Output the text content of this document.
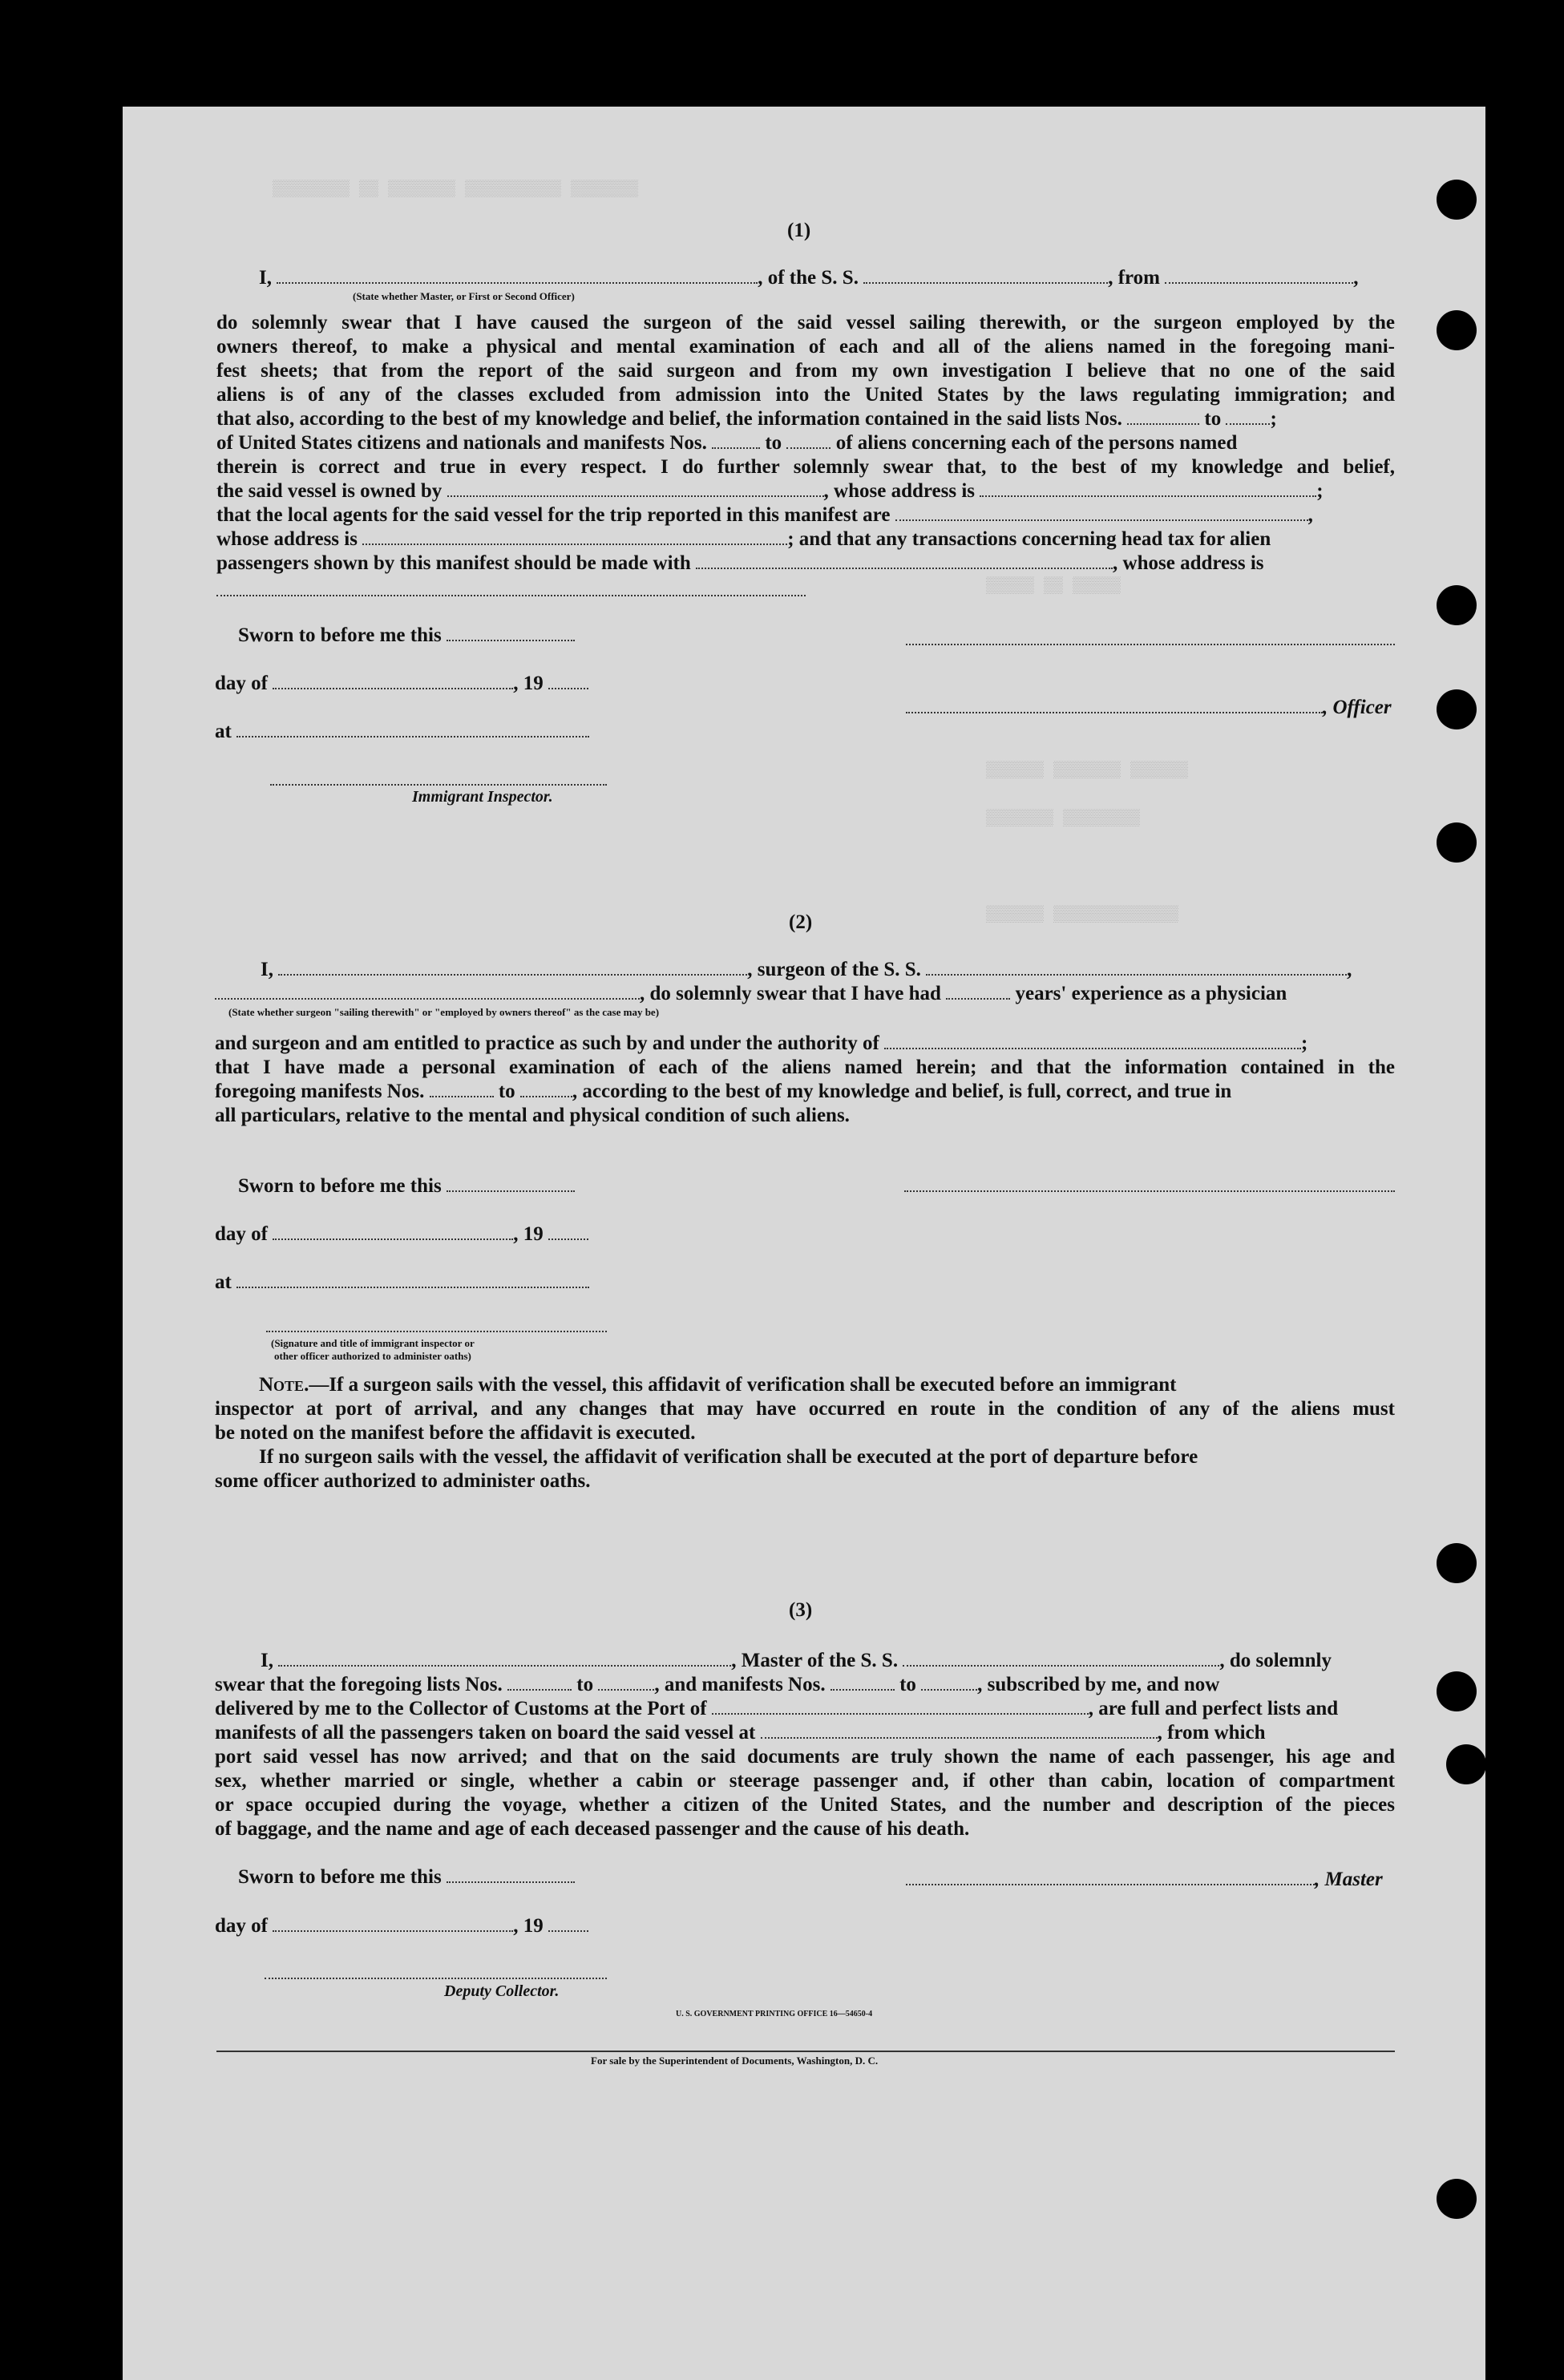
▒▒▒▒▒▒▒▒ ▒▒ ▒▒▒▒▒▒▒ ▒▒▒▒▒▒▒▒▒▒ ▒▒▒▒▒▒▒
▒▒▒▒▒ ▒▒ ▒▒▒▒▒
▒▒▒▒▒▒ ▒▒▒▒▒▒▒ ▒▒▒▒▒▒
▒▒▒▒▒▒▒ ▒▒▒▒▒▒▒▒
▒▒▒▒▒▒ ▒▒▒▒▒▒▒▒▒▒▒▒▒
(1)
I,	, of the S. S.	, from	,
(State whether Master, or First or Second Officer)
do solemnly swear that I have caused the surgeon of the said vessel sailing therewith, or the surgeon employed by the
owners thereof, to make a physical and mental examination of each and all of the aliens named in the foregoing mani-
fest sheets; that from the report of the said surgeon and from my own investigation I believe that no one of the said
aliens is of any of the classes excluded from admission into the United States by the laws regulating immigration; and
that also, according to the best of my knowledge and belief, the information contained in the said lists Nos.	to ;
of United States citizens and nationals and manifests Nos.	to	of aliens concerning each of the persons named
therein is correct and true in every respect. I do further solemnly swear that, to the best of my knowledge and belief,
the said vessel is owned by	, whose address is	;
that the local agents for the said vessel for the trip reported in this manifest are	,
whose address is	; and that any transactions concerning head tax for alien
passengers shown by this manifest should be made with	, whose address is
Sworn to before me this
day of	, 19
, Officer
at
Immigrant Inspector.
(2)
I,	, surgeon of the S. S.	,
, do solemnly swear that I have had	years' experience as a physician
(State whether surgeon "sailing therewith" or "employed by owners thereof" as the case may be)
and surgeon and am entitled to practice as such by and under the authority of	;
that I have made a personal examination of each of the aliens named herein; and that the information contained in the
foregoing manifests Nos.	to	, according to the best of my knowledge and belief, is full, correct, and true in
all particulars, relative to the mental and physical condition of such aliens.
Sworn to before me this
day of	, 19
at
(Signature and title of immigrant inspector or
other officer authorized to administer oaths)
Note.—If a surgeon sails with the vessel, this affidavit of verification shall be executed before an immigrant
inspector at port of arrival, and any changes that may have occurred en route in the condition of any of the aliens must
be noted on the manifest before the affidavit is executed.
If no surgeon sails with the vessel, the affidavit of verification shall be executed at the port of departure before
some officer authorized to administer oaths.
(3)
I,	, Master of the S. S.	, do solemnly
swear that the foregoing lists Nos.	to	, and manifests Nos.	to	, subscribed by me, and now
delivered by me to the Collector of Customs at the Port of	, are full and perfect lists and
manifests of all the passengers taken on board the said vessel at	, from which
port said vessel has now arrived; and that on the said documents are truly shown the name of each passenger, his age and
sex, whether married or single, whether a cabin or steerage passenger and, if other than cabin, location of compartment
or space occupied during the voyage, whether a citizen of the United States, and the number and description of the pieces
of baggage, and the name and age of each deceased passenger and the cause of his death.
Sworn to before me this	, Master
day of	, 19
Deputy Collector.
U. S. GOVERNMENT PRINTING OFFICE 16—54650-4
For sale by the Superintendent of Documents, Washington, D. C.
